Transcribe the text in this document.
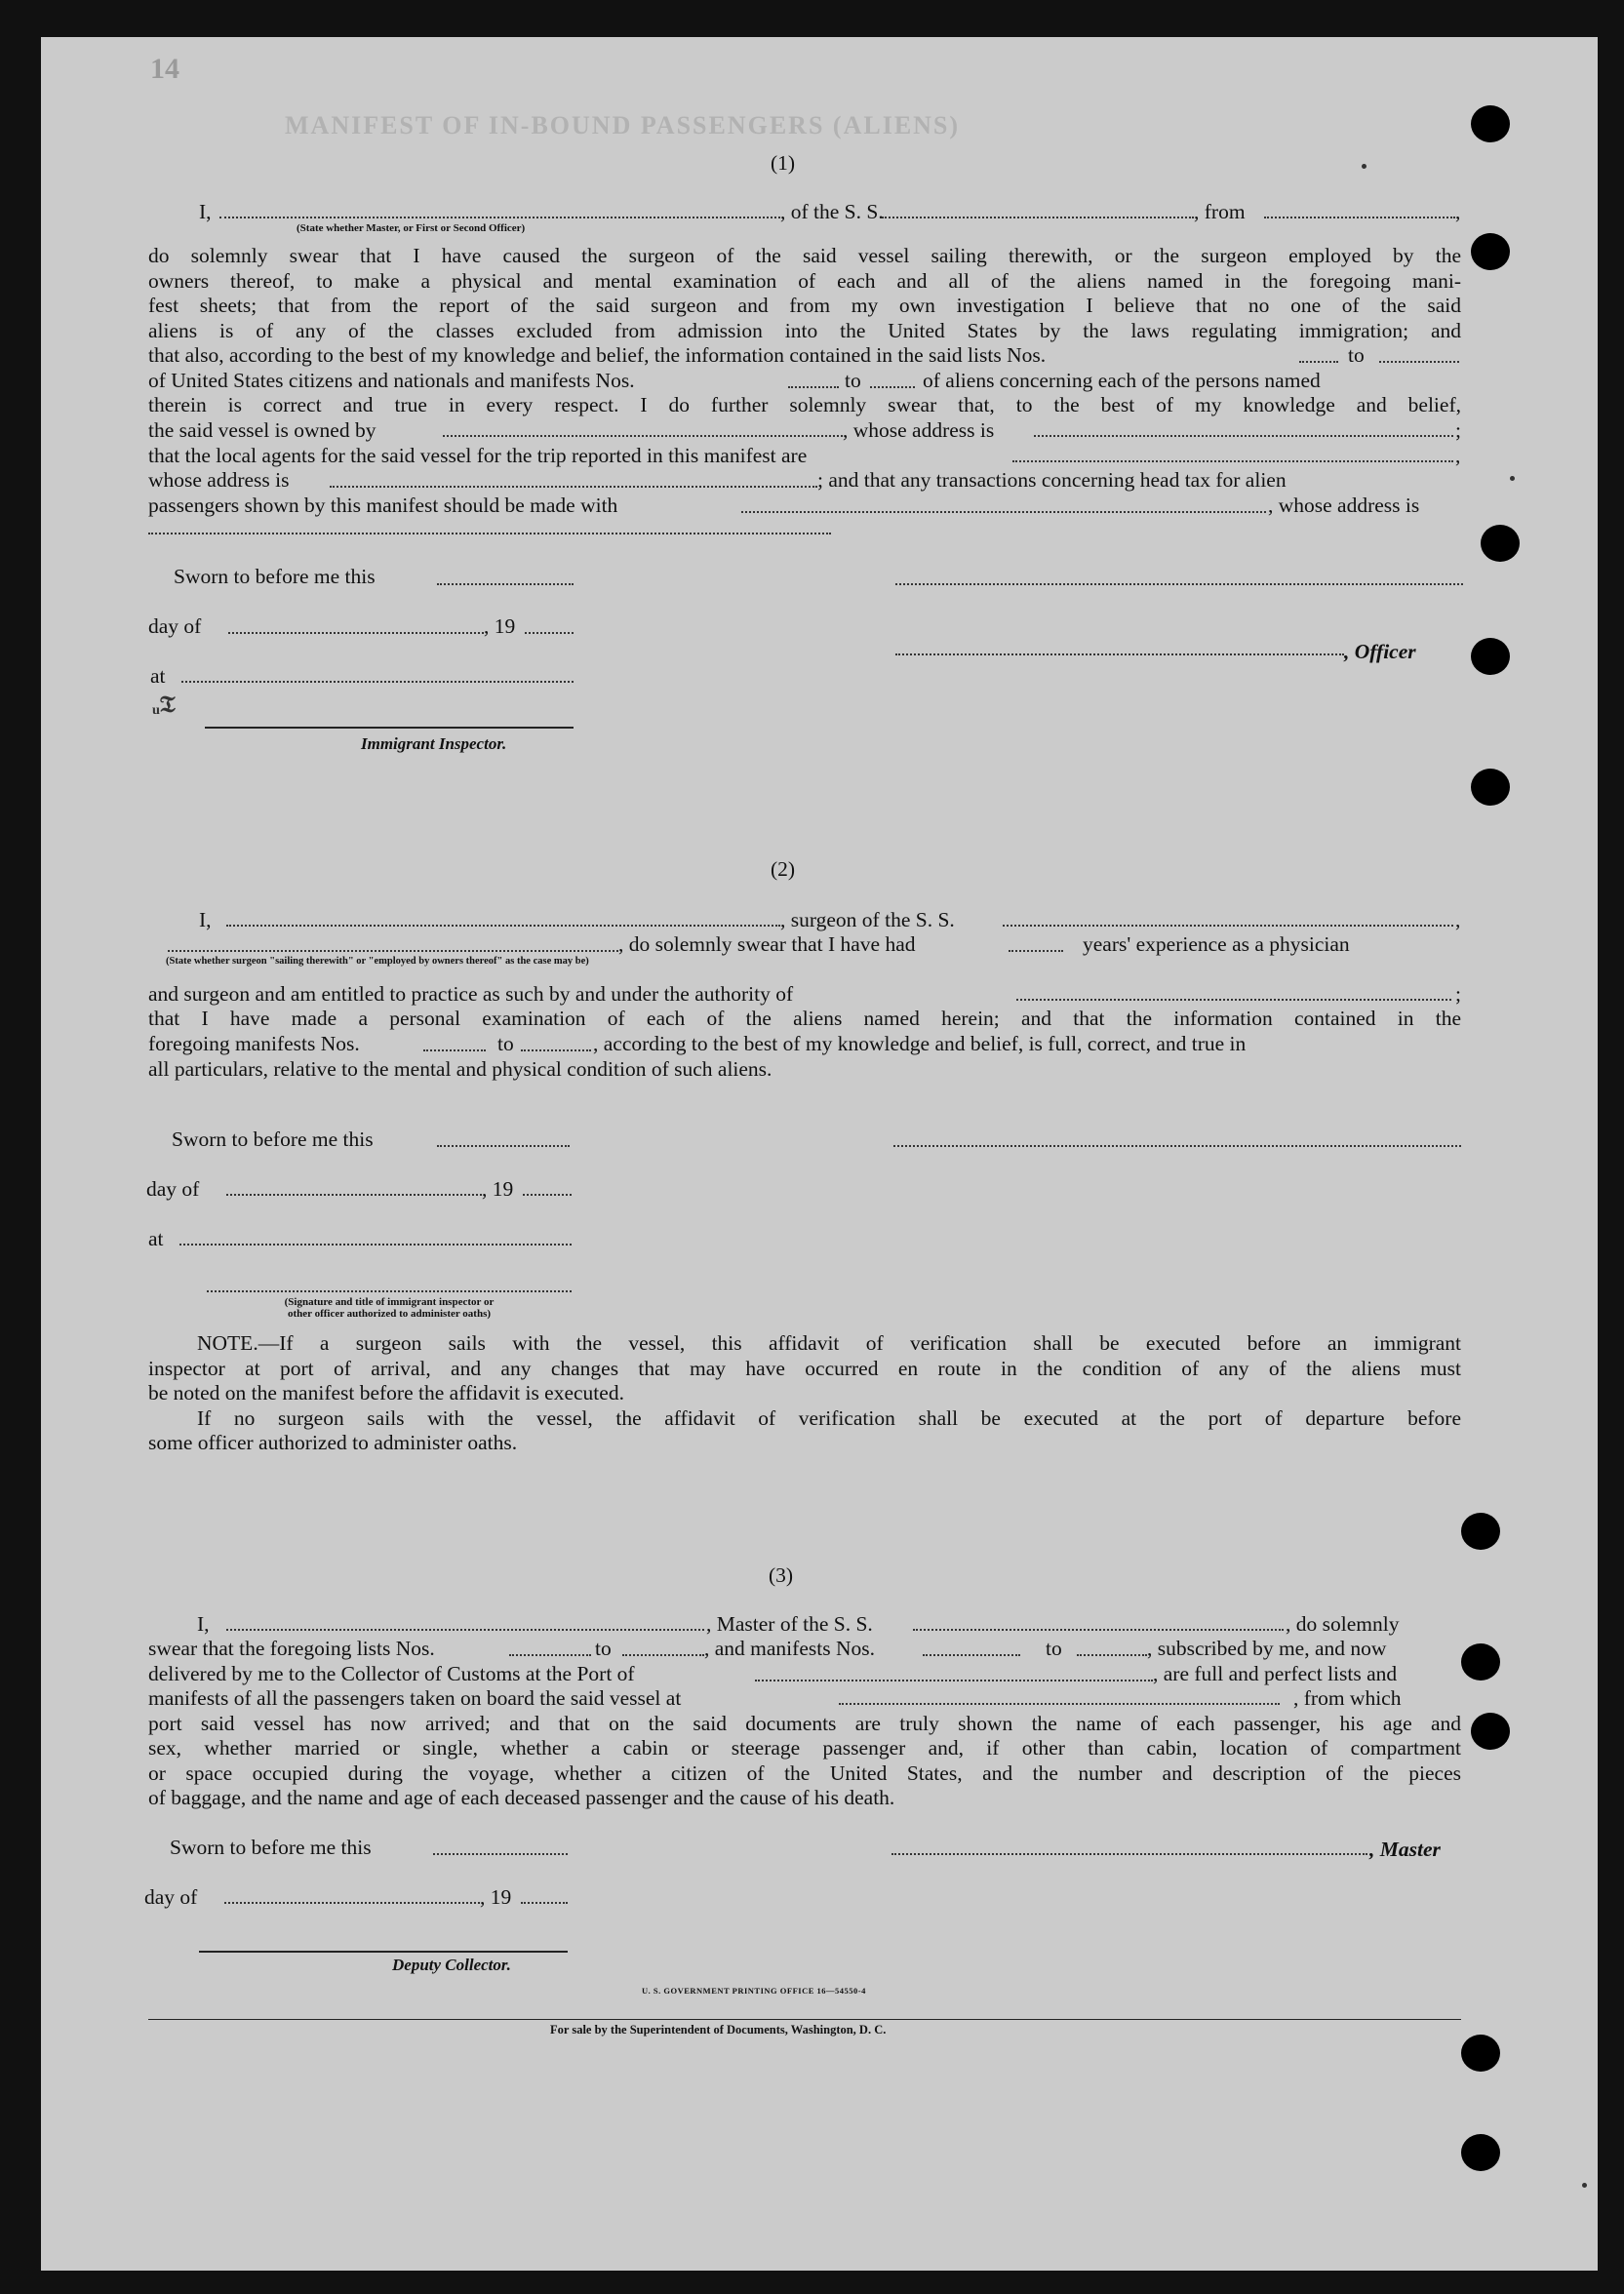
14
MANIFEST OF IN-BOUND PASSENGERS (ALIENS)
(1)
I,	, of the S. S.	, from	,
(State whether Master, or First or Second Officer)
do solemnly swear that I have caused the surgeon of the said vessel sailing therewith, or the surgeon employed by the
owners thereof, to make a physical and mental examination of each and all of the aliens named in the foregoing mani-
fest sheets; that from the report of the said surgeon and from my own investigation I believe that no one of the said
aliens is of any of the classes excluded from admission into the United States by the laws regulating immigration; and
that also, according to the best of my knowledge and belief, the information contained in the said lists Nos.	to
of United States citizens and nationals and manifests Nos.	to	of aliens concerning each of the persons named
therein is correct and true in every respect. I do further solemnly swear that, to the best of my knowledge and belief,
the said vessel is owned by	, whose address is	;
that the local agents for the said vessel for the trip reported in this manifest are	,
whose address is	; and that any transactions concerning head tax for alien
passengers shown by this manifest should be made with	, whose address is
Sworn to before me this
day of	, 19
, Officer
at
ᵤ𝔗
Immigrant Inspector.
(2)
I,	, surgeon of the S. S.	,
, do solemnly swear that I have had	years' experience as a physician
(State whether surgeon "sailing therewith" or "employed by owners thereof" as the case may be)
and surgeon and am entitled to practice as such by and under the authority of	;
that I have made a personal examination of each of the aliens named herein; and that the information contained in the
foregoing manifests Nos.	to	, according to the best of my knowledge and belief, is full, correct, and true in
all particulars, relative to the mental and physical condition of such aliens.
Sworn to before me this
day of	, 19
at
(Signature and title of immigrant inspector or
other officer authorized to administer oaths)
NOTE.—If a surgeon sails with the vessel, this affidavit of verification shall be executed before an immigrant
inspector at port of arrival, and any changes that may have occurred en route in the condition of any of the aliens must
be noted on the manifest before the affidavit is executed.
If no surgeon sails with the vessel, the affidavit of verification shall be executed at the port of departure before
some officer authorized to administer oaths.
(3)
I,	, Master of the S. S.	, do solemnly
swear that the foregoing lists Nos.	to	, and manifests Nos.	to	, subscribed by me, and now
delivered by me to the Collector of Customs at the Port of	, are full and perfect lists and
manifests of all the passengers taken on board the said vessel at	, from which
port said vessel has now arrived; and that on the said documents are truly shown the name of each passenger, his age and
sex, whether married or single, whether a cabin or steerage passenger and, if other than cabin, location of compartment
or space occupied during the voyage, whether a citizen of the United States, and the number and description of the pieces
of baggage, and the name and age of each deceased passenger and the cause of his death.
Sworn to before me this	, Master
day of	, 19
Deputy Collector.
U. S. GOVERNMENT PRINTING OFFICE 16—54550-4
For sale by the Superintendent of Documents, Washington, D. C.
